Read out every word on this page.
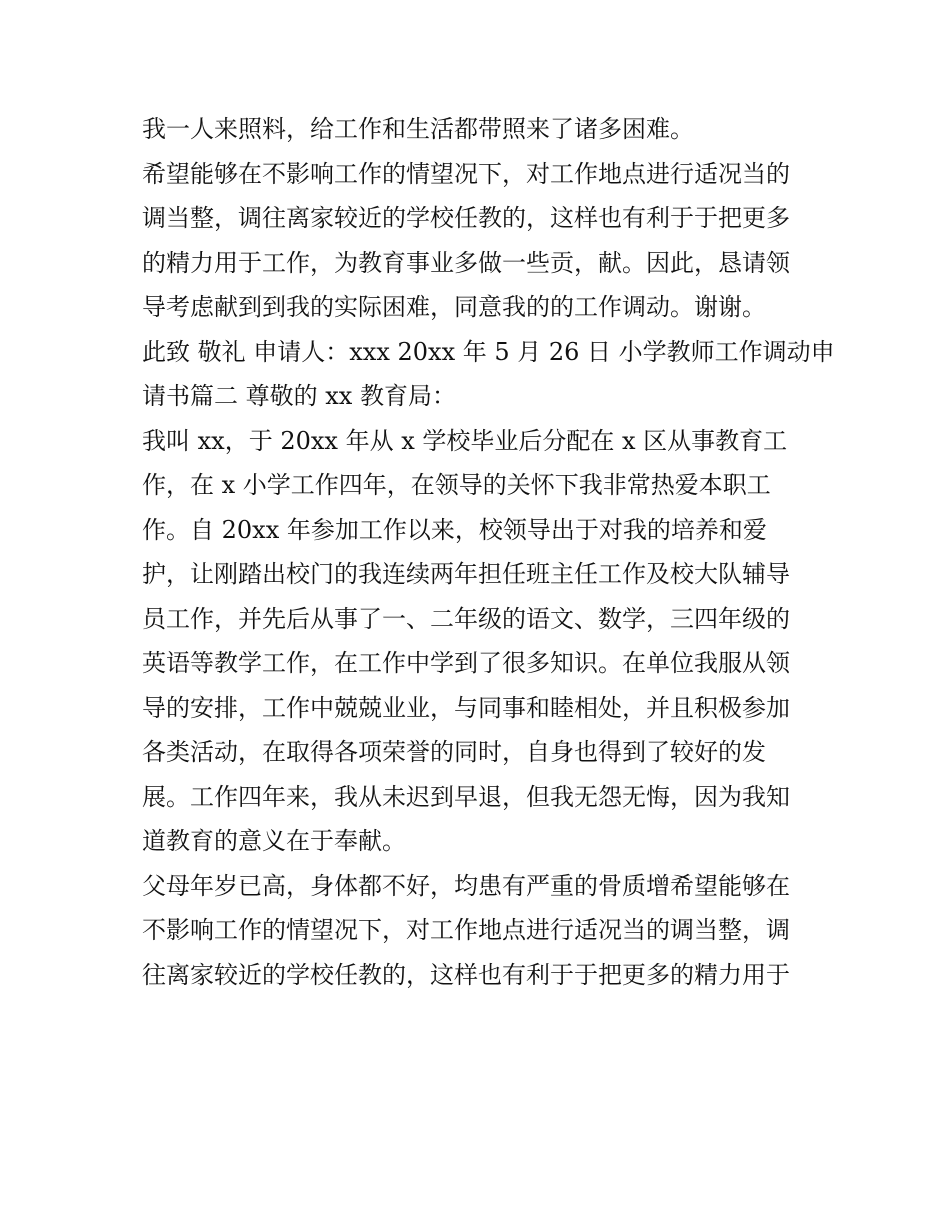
我一人来照料，给工作和生活都带照来了诸多困难。
希望能够在不影响工作的情望况下，对工作地点进行适况当的
调当整，调往离家较近的学校任教的，这样也有利于于把更多
的精力用于工作，为教育事业多做一些贡，献。因此，恳请领
导考虑献到到我的实际困难，同意我的的工作调动。谢谢。
此致 敬礼 申请人：xxx 20xx 年 5 月 26 日 小学教师工作调动申
请书篇二 尊敬的 xx 教育局：
我叫 xx，于 20xx 年从 x 学校毕业后分配在 x 区从事教育工
作，在 x 小学工作四年，在领导的关怀下我非常热爱本职工
作。自 20xx 年参加工作以来，校领导出于对我的培养和爱
护，让刚踏出校门的我连续两年担任班主任工作及校大队辅导
员工作，并先后从事了一、二年级的语文、数学，三四年级的
英语等教学工作，在工作中学到了很多知识。在单位我服从领
导的安排，工作中兢兢业业，与同事和睦相处，并且积极参加
各类活动，在取得各项荣誉的同时，自身也得到了较好的发
展。工作四年来，我从未迟到早退，但我无怨无悔，因为我知
道教育的意义在于奉献。
父母年岁已高，身体都不好，均患有严重的骨质增希望能够在
不影响工作的情望况下，对工作地点进行适况当的调当整，调
往离家较近的学校任教的，这样也有利于于把更多的精力用于
